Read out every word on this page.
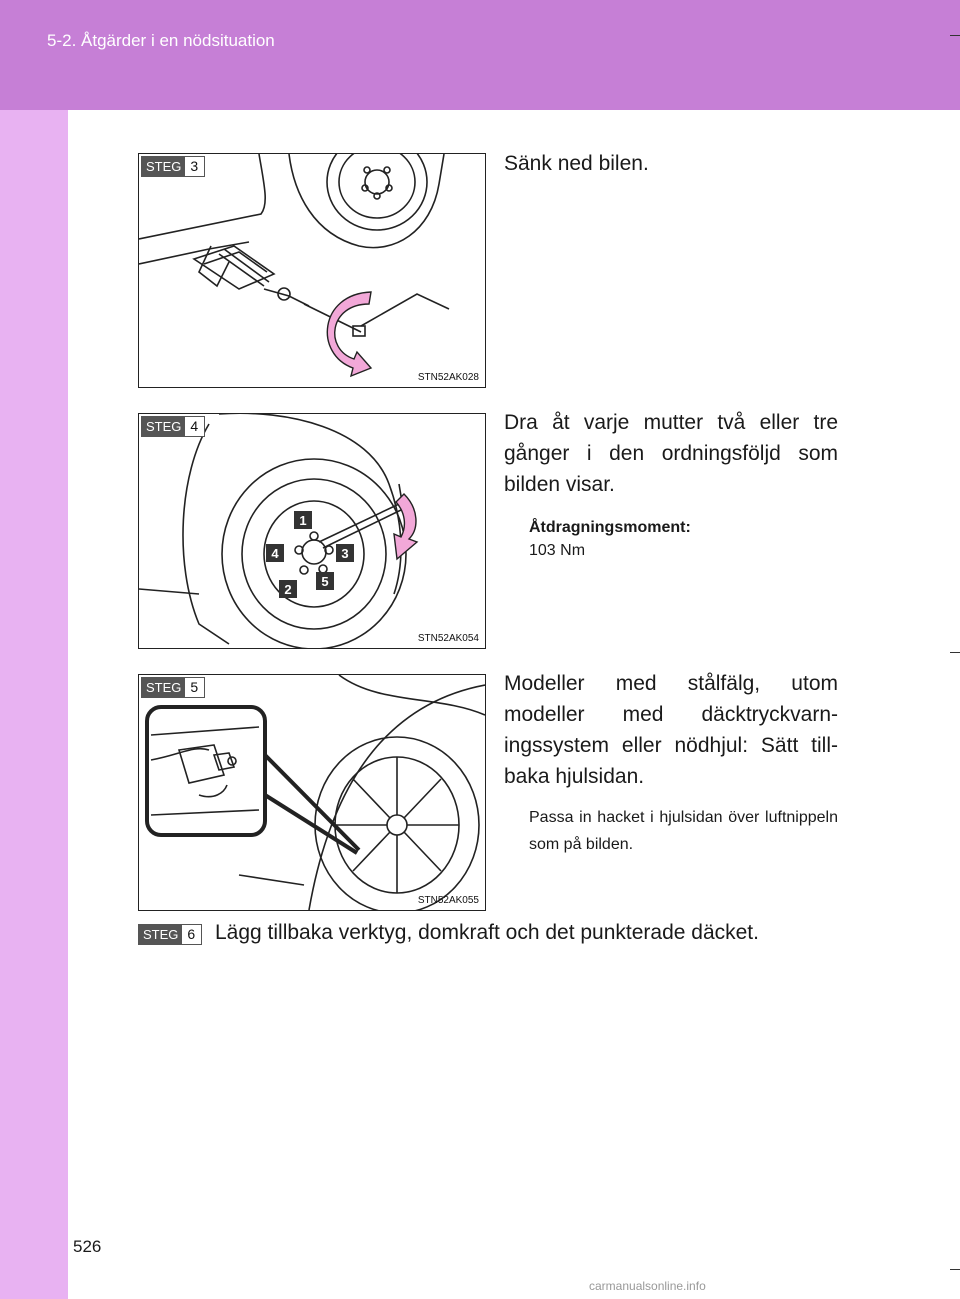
5-2. Åtgärder i en nödsituation
STEG 3
STN52AK028
Sänk ned bilen.
1
4	3
2
5
STEG 4
STN52AK054
Dra åt varje mutter två eller tre gånger i den ordningsföljd som bilden visar.
Åtdragningsmoment:
103 Nm
STEG 5
STN52AK055
Modeller med stålfälg, utom modeller med däcktryckvarningssystem eller nödhjul: Sätt tillbaka hjulsidan.
Passa in hacket i hjulsidan över luftnippeln som på bilden.
STEG 6 Lägg tillbaka verktyg, domkraft och det punkterade däcket.
526
carmanualsonline.info
